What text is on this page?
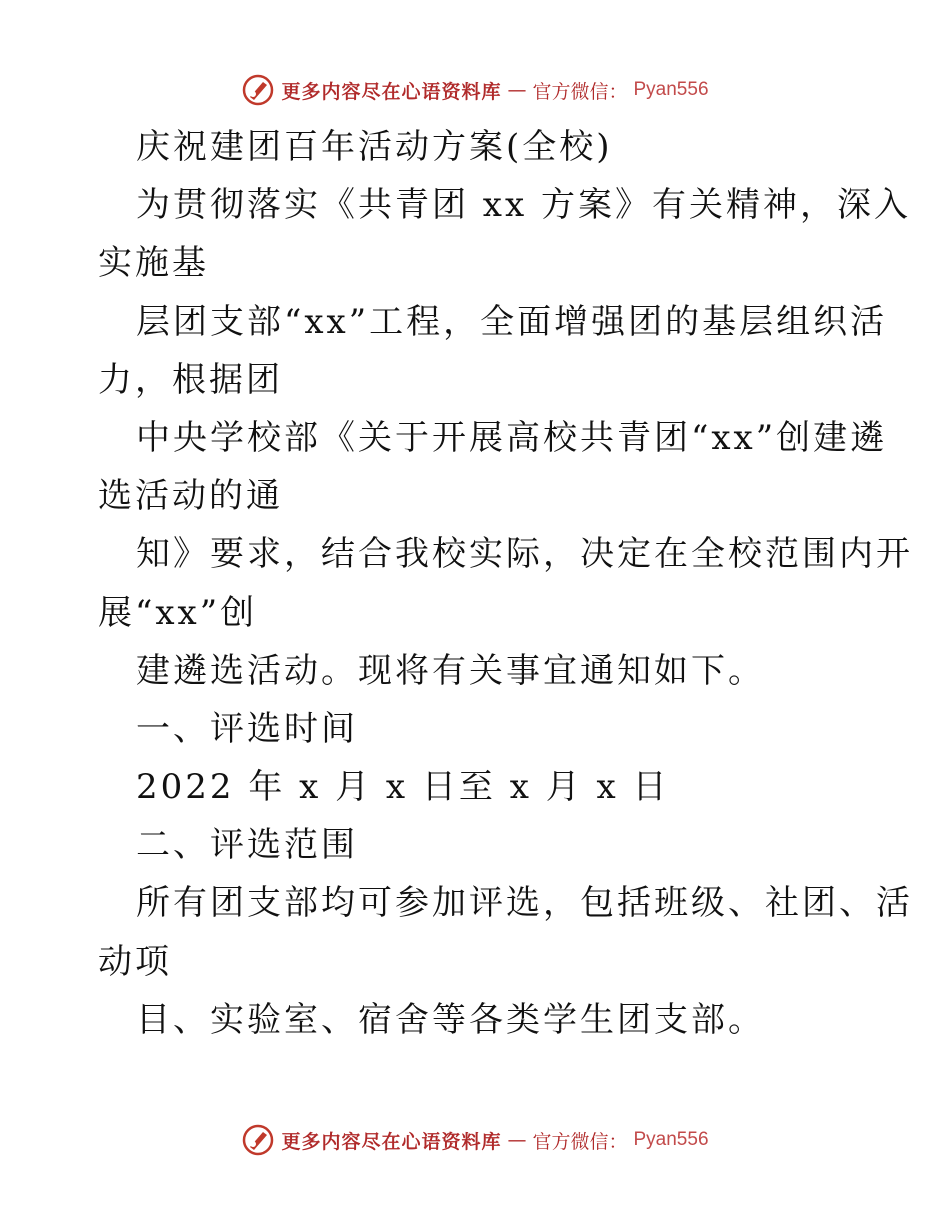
更多内容尽在心语资料库 — 官方微信： Pyan556
庆祝建团百年活动方案(全校)
为贯彻落实《共青团 xx 方案》有关精神，深入
实施基
层团支部“xx”工程，全面增强团的基层组织活
力，根据团
中央学校部《关于开展高校共青团“xx”创建遴
选活动的通
知》要求，结合我校实际，决定在全校范围内开
展“xx”创
建遴选活动。现将有关事宜通知如下。
一、评选时间
2022 年 x 月 x 日至 x 月 x 日
二、评选范围
所有团支部均可参加评选，包括班级、社团、活
动项
目、实验室、宿舍等各类学生团支部。
更多内容尽在心语资料库 — 官方微信： Pyan556
